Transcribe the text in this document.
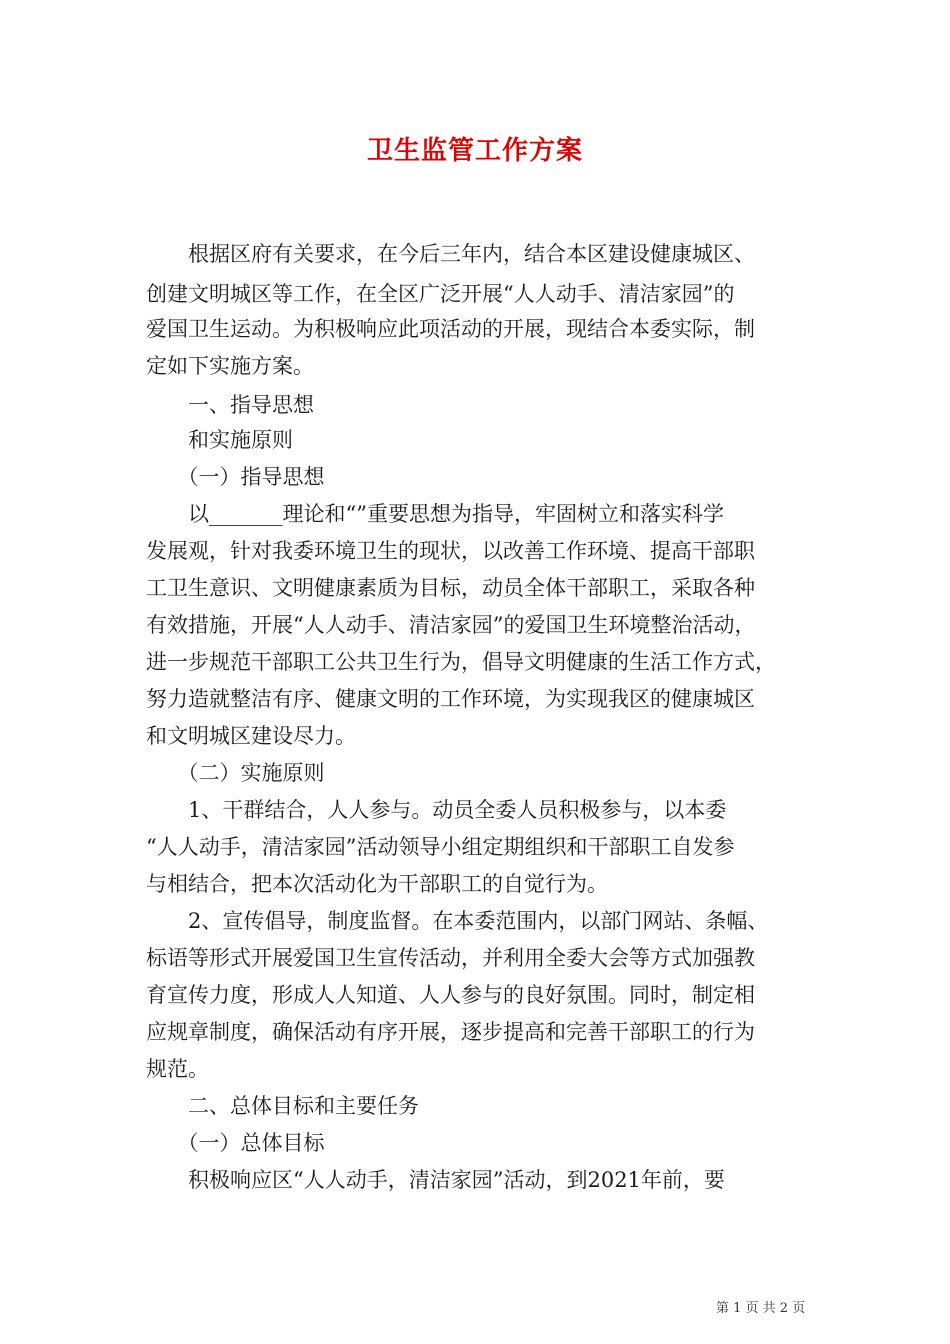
卫生监管工作方案
　　根据区府有关要求，在今后三年内，结合本区建设健康城区、
创建文明城区等工作，在全区广泛开展“人人动手、清洁家园”的
爱国卫生运动。为积极响应此项活动的开展，现结合本委实际，制
定如下实施方案。
　　一、指导思想
　　和实施原则
　　（一）指导思想
　　以_______理论和“”重要思想为指导，牢固树立和落实科学
发展观，针对我委环境卫生的现状，以改善工作环境、提高干部职
工卫生意识、文明健康素质为目标，动员全体干部职工，采取各种
有效措施，开展“人人动手、清洁家园”的爱国卫生环境整治活动，
进一步规范干部职工公共卫生行为，倡导文明健康的生活工作方式，
努力造就整洁有序、健康文明的工作环境，为实现我区的健康城区
和文明城区建设尽力。
　　（二）实施原则
　　1、干群结合，人人参与。动员全委人员积极参与，以本委
“人人动手，清洁家园”活动领导小组定期组织和干部职工自发参
与相结合，把本次活动化为干部职工的自觉行为。
　　2、宣传倡导，制度监督。在本委范围内，以部门网站、条幅、
标语等形式开展爱国卫生宣传活动，并利用全委大会等方式加强教
育宣传力度，形成人人知道、人人参与的良好氛围。同时，制定相
应规章制度，确保活动有序开展，逐步提高和完善干部职工的行为
规范。
　　二、总体目标和主要任务
　　（一）总体目标
　　积极响应区“人人动手，清洁家园”活动，到2021年前，要
第 1 页 共 2 页
